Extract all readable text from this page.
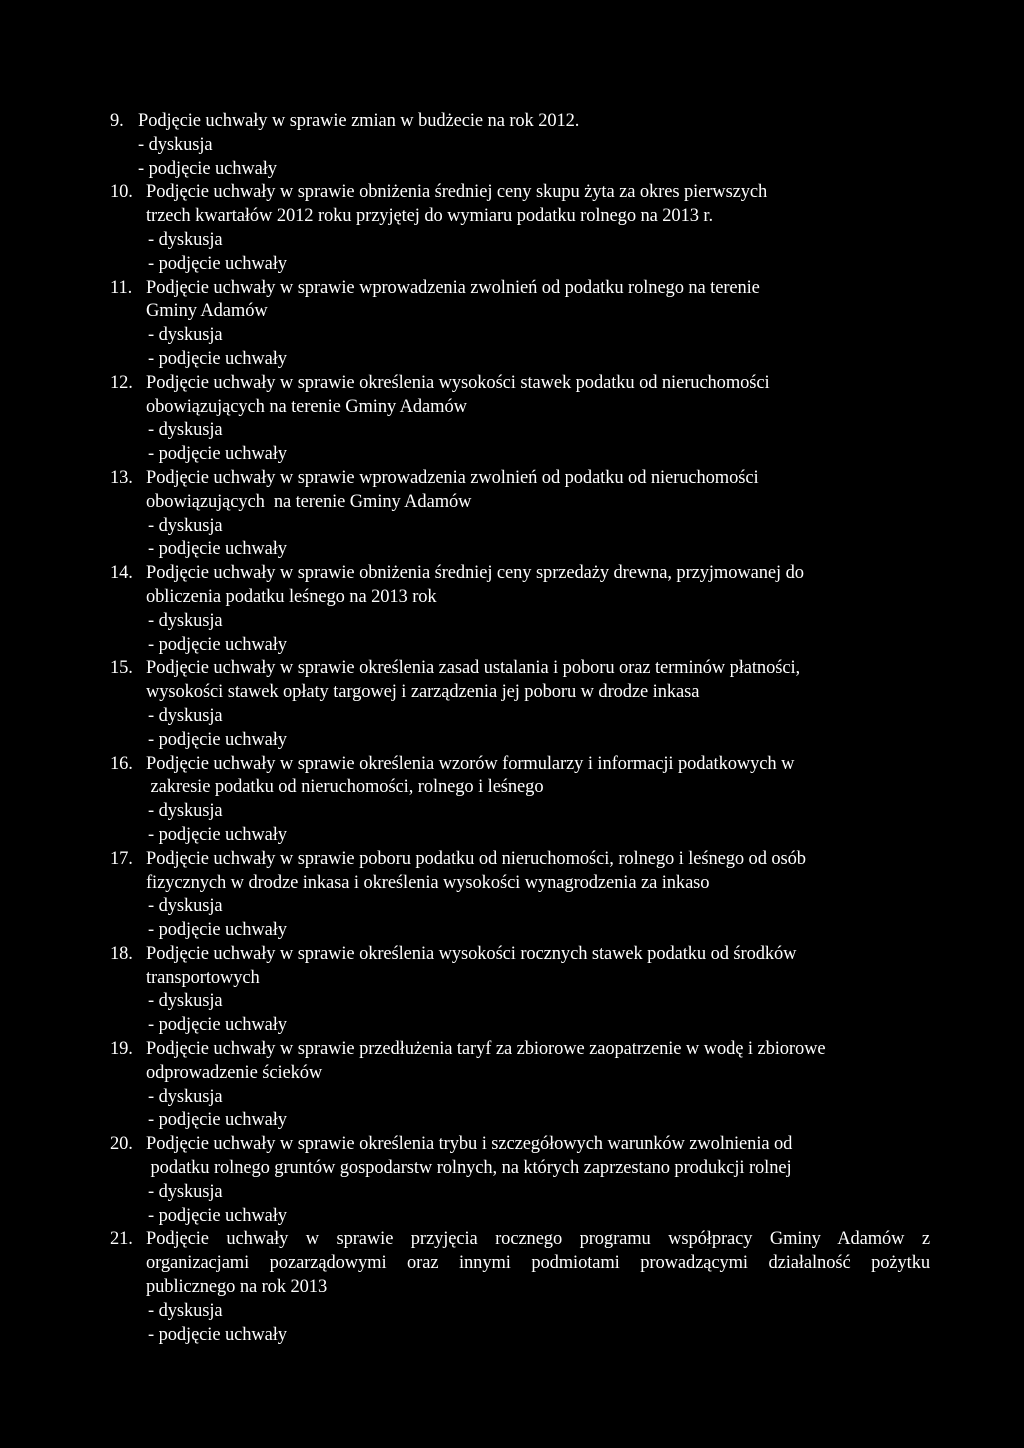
9. Podjęcie uchwały w sprawie zmian w budżecie na rok 2012.
- dyskusja
- podjęcie uchwały
10. Podjęcie uchwały w sprawie obniżenia średniej ceny skupu żyta za okres pierwszych
trzech kwartałów 2012 roku przyjętej do wymiaru podatku rolnego na 2013 r.
- dyskusja
- podjęcie uchwały
11. Podjęcie uchwały w sprawie wprowadzenia zwolnień od podatku rolnego na terenie
Gminy Adamów
- dyskusja
- podjęcie uchwały
12. Podjęcie uchwały w sprawie określenia wysokości stawek podatku od nieruchomości
obowiązujących na terenie Gminy Adamów
- dyskusja
- podjęcie uchwały
13. Podjęcie uchwały w sprawie wprowadzenia zwolnień od podatku od nieruchomości
obowiązujących  na terenie Gminy Adamów
- dyskusja
- podjęcie uchwały
14. Podjęcie uchwały w sprawie obniżenia średniej ceny sprzedaży drewna, przyjmowanej do
obliczenia podatku leśnego na 2013 rok
- dyskusja
- podjęcie uchwały
15. Podjęcie uchwały w sprawie określenia zasad ustalania i poboru oraz terminów płatności,
wysokości stawek opłaty targowej i zarządzenia jej poboru w drodze inkasa
- dyskusja
- podjęcie uchwały
16. Podjęcie uchwały w sprawie określenia wzorów formularzy i informacji podatkowych w
zakresie podatku od nieruchomości, rolnego i leśnego
- dyskusja
- podjęcie uchwały
17. Podjęcie uchwały w sprawie poboru podatku od nieruchomości, rolnego i leśnego od osób
fizycznych w drodze inkasa i określenia wysokości wynagrodzenia za inkaso
- dyskusja
- podjęcie uchwały
18. Podjęcie uchwały w sprawie określenia wysokości rocznych stawek podatku od środków
transportowych
- dyskusja
- podjęcie uchwały
19. Podjęcie uchwały w sprawie przedłużenia taryf za zbiorowe zaopatrzenie w wodę i zbiorowe
odprowadzenie ścieków
- dyskusja
- podjęcie uchwały
20. Podjęcie uchwały w sprawie określenia trybu i szczegółowych warunków zwolnienia od
podatku rolnego gruntów gospodarstw rolnych, na których zaprzestano produkcji rolnej
- dyskusja
- podjęcie uchwały
21. Podjęcie uchwały w sprawie przyjęcia rocznego programu współpracy Gminy Adamów z
organizacjami pozarządowymi oraz innymi podmiotami prowadzącymi działalność pożytku
publicznego na rok 2013
- dyskusja
- podjęcie uchwały
